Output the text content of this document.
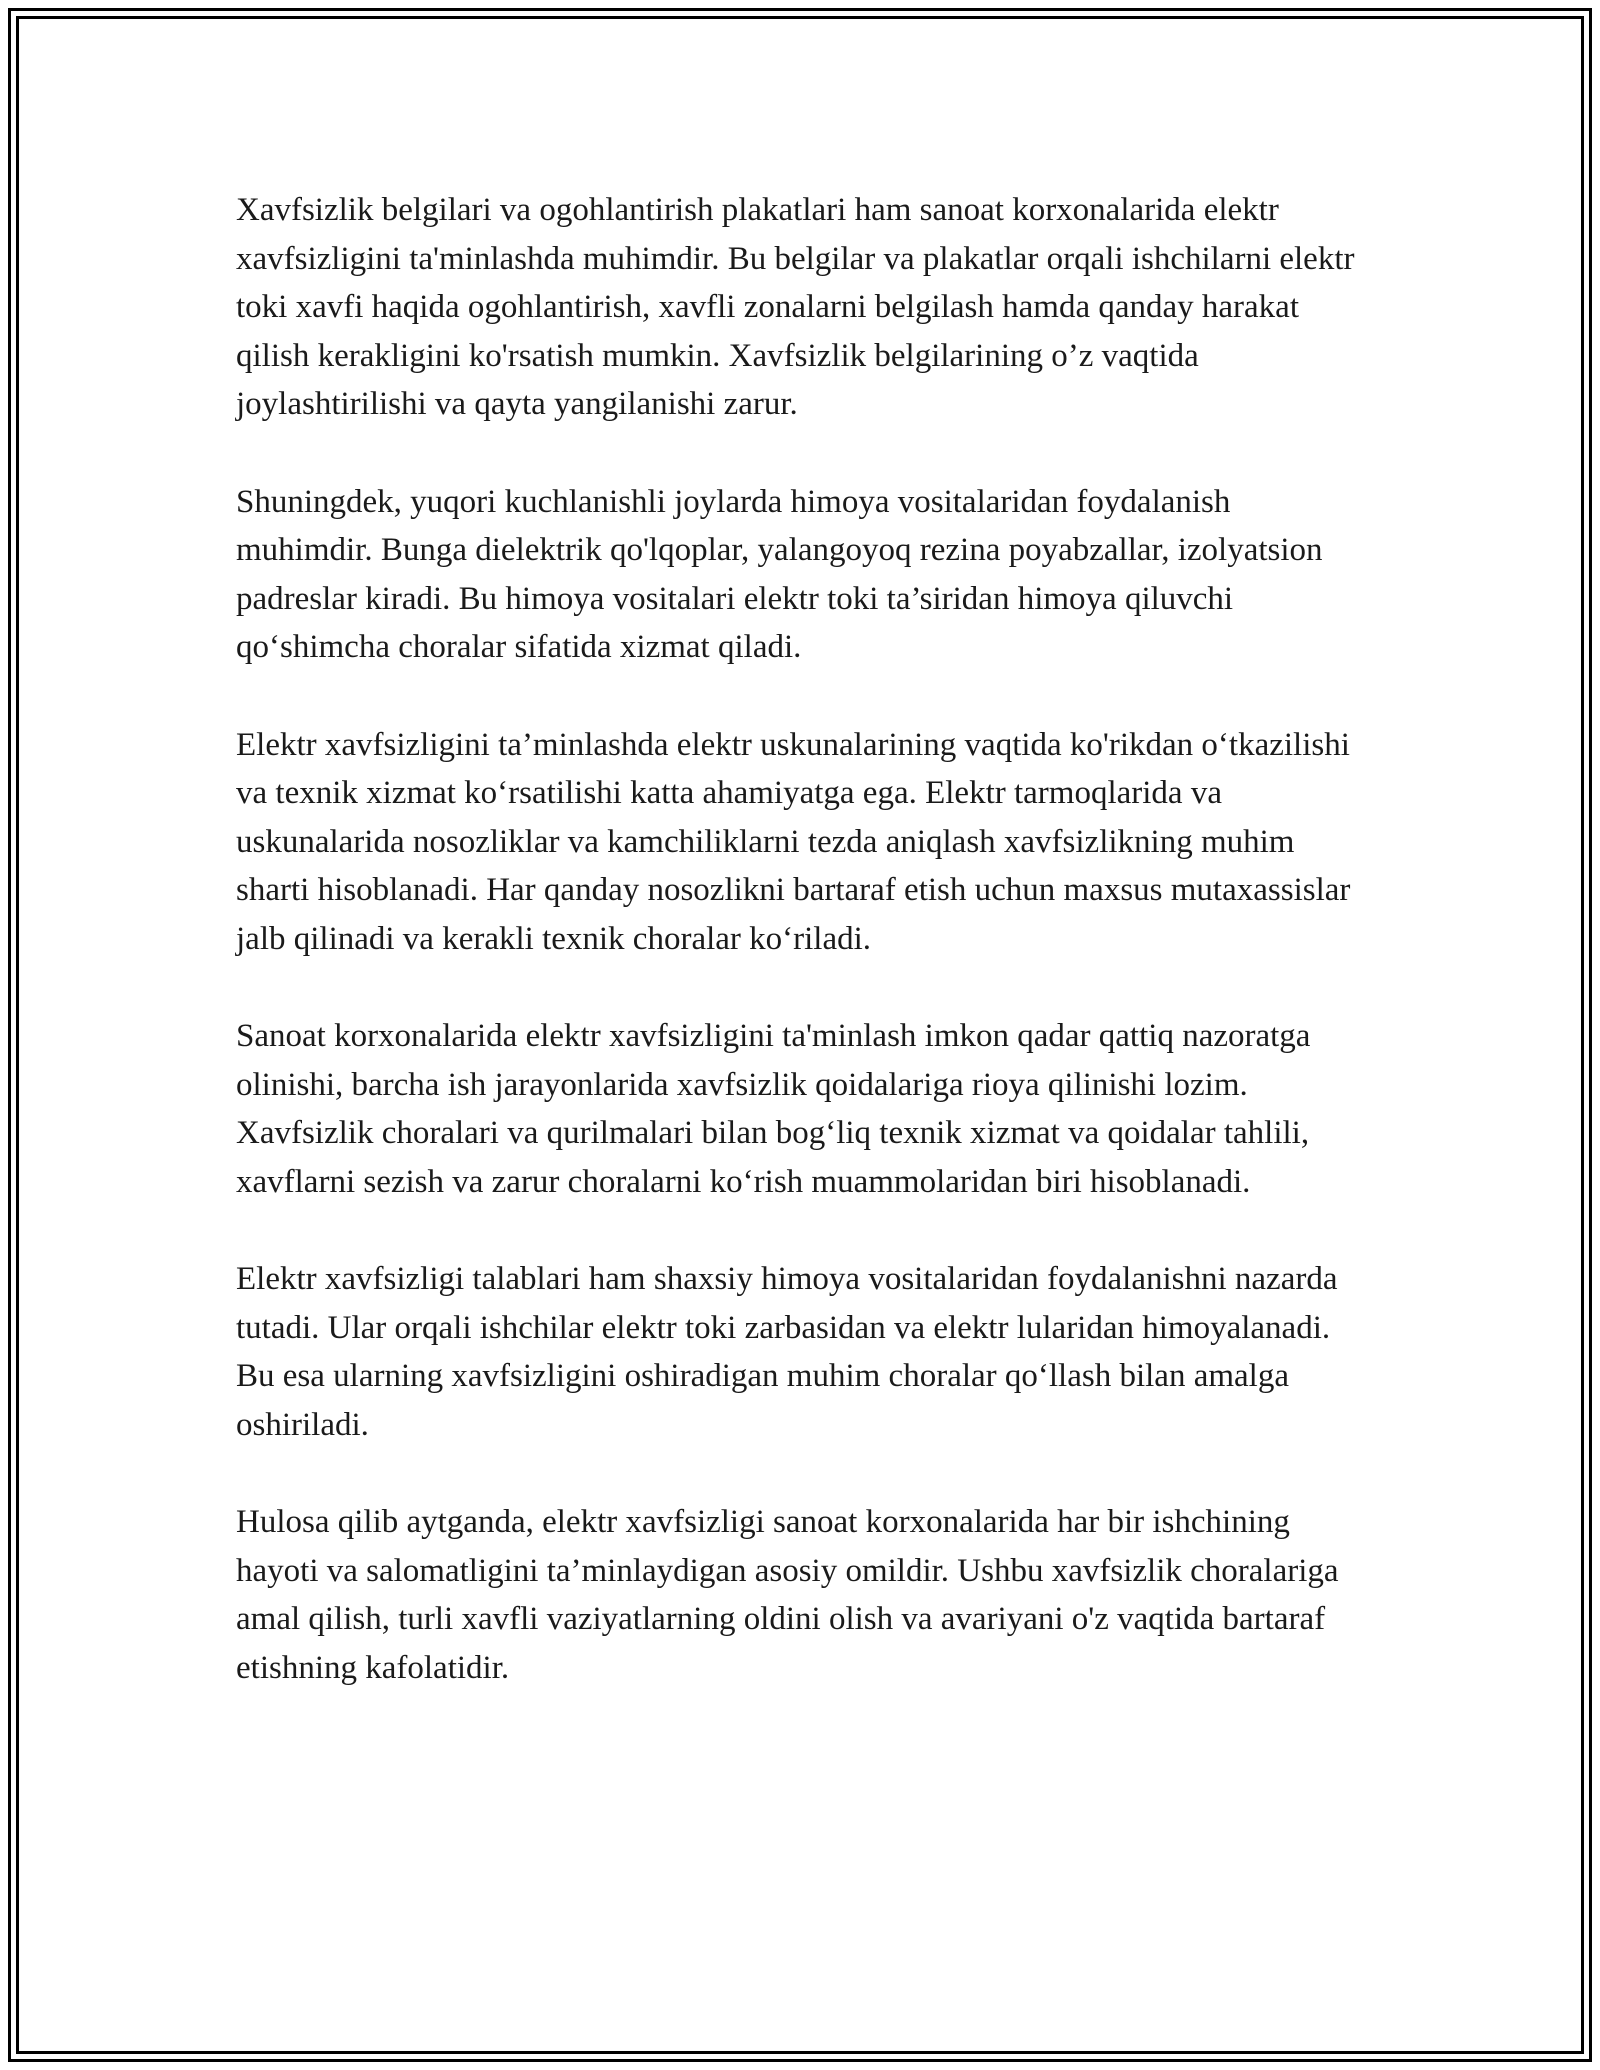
Xavfsizlik belgilari va ogohlantirish plakatlari ham sanoat korxonalarida elektr xavfsizligini ta'minlashda muhimdir. Bu belgilar va plakatlar orqali ishchilarni elektr toki xavfi haqida ogohlantirish, xavfli zonalarni belgilash hamda qanday harakat qilish kerakligini ko'rsatish mumkin. Xavfsizlik belgilarining o’z vaqtida joylashtirilishi va qayta yangilanishi zarur.

Shuningdek, yuqori kuchlanishli joylarda himoya vositalaridan foydalanish muhimdir. Bunga dielektrik qo'lqoplar, yalangoyoq rezina poyabzallar, izolyatsion padreslar kiradi. Bu himoya vositalari elektr toki ta’siridan himoya qiluvchi qo‘shimcha choralar sifatida xizmat qiladi.

Elektr xavfsizligini ta’minlashda elektr uskunalarining vaqtida ko'rikdan o‘tkazilishi va texnik xizmat ko‘rsatilishi katta ahamiyatga ega. Elektr tarmoqlarida va uskunalarida nosozliklar va kamchiliklarni tezda aniqlash xavfsizlikning muhim sharti hisoblanadi. Har qanday nosozlikni bartaraf etish uchun maxsus mutaxassislar jalb qilinadi va kerakli texnik choralar ko‘riladi.

Sanoat korxonalarida elektr xavfsizligini ta'minlash imkon qadar qattiq nazoratga olinishi, barcha ish jarayonlarida xavfsizlik qoidalariga rioya qilinishi lozim. Xavfsizlik choralari va qurilmalari bilan bog‘liq texnik xizmat va qoidalar tahlili, xavflarni sezish va zarur choralarni ko‘rish muammolaridan biri hisoblanadi.

Elektr xavfsizligi talablari ham shaxsiy himoya vositalaridan foydalanishni nazarda tutadi. Ular orqali ishchilar elektr toki zarbasidan va elektr lularidan himoyalanadi. Bu esa ularning xavfsizligini oshiradigan muhim choralar qo‘llash bilan amalga oshiriladi.

Hulosa qilib aytganda, elektr xavfsizligi sanoat korxonalarida har bir ishchining hayoti va salomatligini ta’minlaydigan asosiy omildir. Ushbu xavfsizlik choralariga amal qilish, turli xavfli vaziyatlarning oldini olish va avariyani o'z vaqtida bartaraf etishning kafolatidir.
